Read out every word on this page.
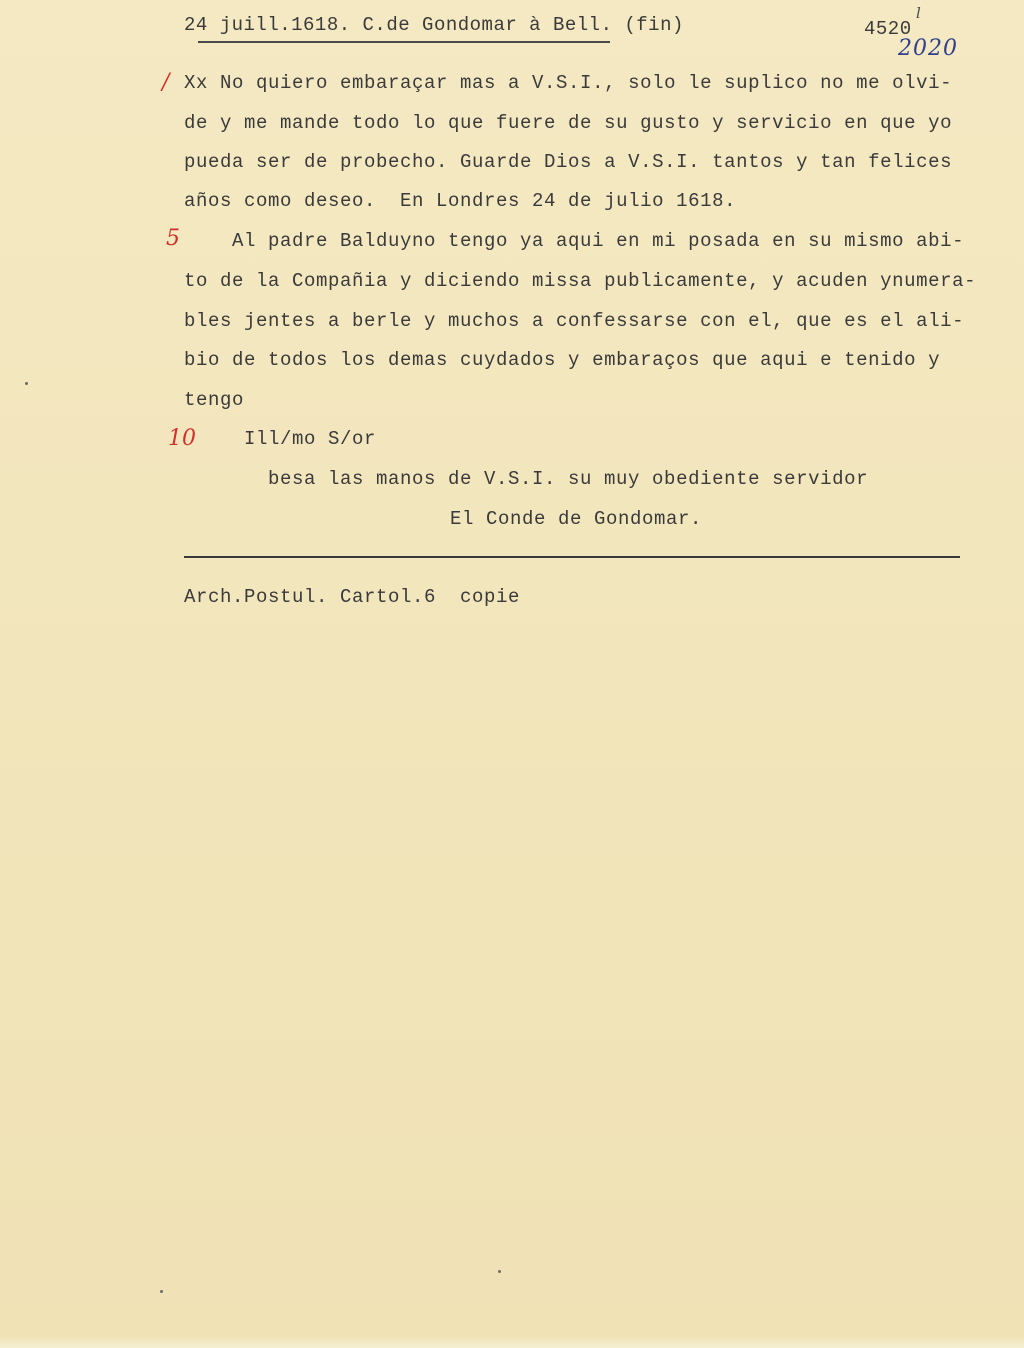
24 juill.1618. C.de Gondomar à Bell. (fin)	4520
l
2020
/
5
10
Xx No quiero embaraçar mas a V.S.I., solo le suplico no me olvi-
de y me mande todo lo que fuere de su gusto y servicio en que yo
pueda ser de probecho. Guarde Dios a V.S.I. tantos y tan felices
años como deseo.  En Londres 24 de julio 1618.
Al padre Balduyno tengo ya aqui en mi posada en su mismo abi-
to de la Compañia y diciendo missa publicamente, y acuden ynumera-
bles jentes a berle y muchos a confessarse con el, que es el ali-
bio de todos los demas cuydados y embaraços que aqui e tenido y
tengo
Ill/mo S/or
besa las manos de V.S.I. su muy obediente servidor
El Conde de Gondomar.
Arch.Postul. Cartol.6  copie
